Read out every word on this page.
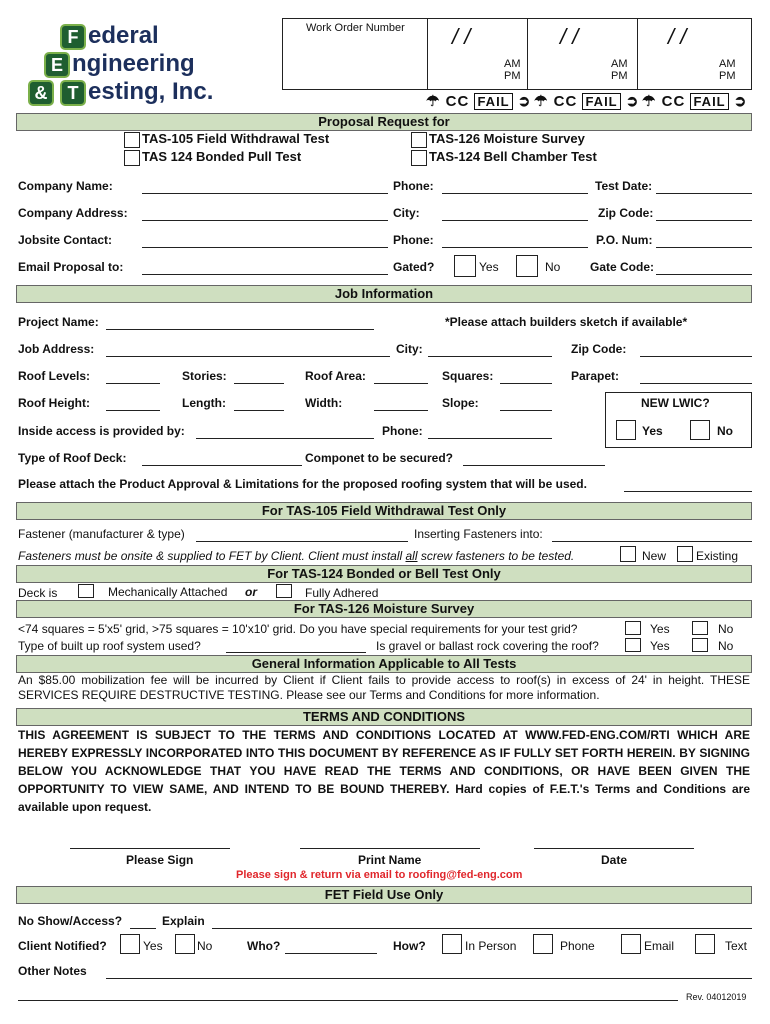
F
E
&	T
ederal
ngineering
esting, Inc.
Work Order Number / /	/ /	/ /
AM
PM
AM
PM
AM
PM
☂ CC FAIL ➲ ☂ CC FAIL ➲ ☂ CC FAIL ➲
Proposal Request for
TAS-105 Field Withdrawal Test
TAS 124 Bonded Pull Test
TAS-126 Moisture Survey
TAS-124 Bell Chamber Test
Company Name:	Phone:	Test Date:
Company Address:	City:	Zip Code:
Jobsite Contact:	Phone:	P.O. Num:
Email Proposal to:	Gated?	Yes	No Gate Code:
Job Information
Project Name:	*Please attach builders sketch if available*
Job Address:	City:	Zip Code:
Roof Levels:	Stories:	Roof Area:	Squares:	Parapet:
Roof Height:	Length:	Width:	Slope:	NEW LWIC?
Yes	No
Inside access is provided by:	Phone:
Type of Roof Deck:	Componet to be secured?
Please attach the Product Approval & Limitations for the proposed roofing system that will be used.
For TAS-105 Field Withdrawal Test Only
Fastener (manufacturer & type)	Inserting Fasteners into:
Fasteners must be onsite & supplied to FET by Client. Client must install all screw fasteners to be tested.	New Existing
For TAS-124 Bonded or Bell Test Only
Deck is	Mechanically Attached or	Fully Adhered
For TAS-126 Moisture Survey
<74 squares = 5'x5' grid, >75 squares = 10'x10' grid. Do you have special requirements for your test grid?	Yes	No
Type of built up roof system used?	Is gravel or ballast rock covering the roof?	Yes	No
General Information Applicable to All Tests
An $85.00 mobilization fee will be incurred by Client if Client fails to provide access to roof(s) in excess of 24' in height. THESE SERVICES REQUIRE DESTRUCTIVE TESTING. Please see our Terms and Conditions for more information.
TERMS AND CONDITIONS
THIS AGREEMENT IS SUBJECT TO THE TERMS AND CONDITIONS LOCATED AT WWW.FED-ENG.COM/RTI WHICH ARE HEREBY EXPRESSLY INCORPORATED INTO THIS DOCUMENT BY REFERENCE AS IF FULLY SET FORTH HEREIN. BY SIGNING BELOW YOU ACKNOWLEDGE THAT YOU HAVE READ THE TERMS AND CONDITIONS, OR HAVE BEEN GIVEN THE OPPORTUNITY TO VIEW SAME, AND INTEND TO BE BOUND THEREBY. Hard copies of F.E.T.'s Terms and Conditions are available upon request.
Please Sign	Print Name	Date
Please sign & return via email to roofing@fed-eng.com
FET Field Use Only
No Show/Access?	Explain
Client Notified?	Yes	No	Who?	How?	In Person	Phone	Email	Text
Other Notes
Rev. 04012019
